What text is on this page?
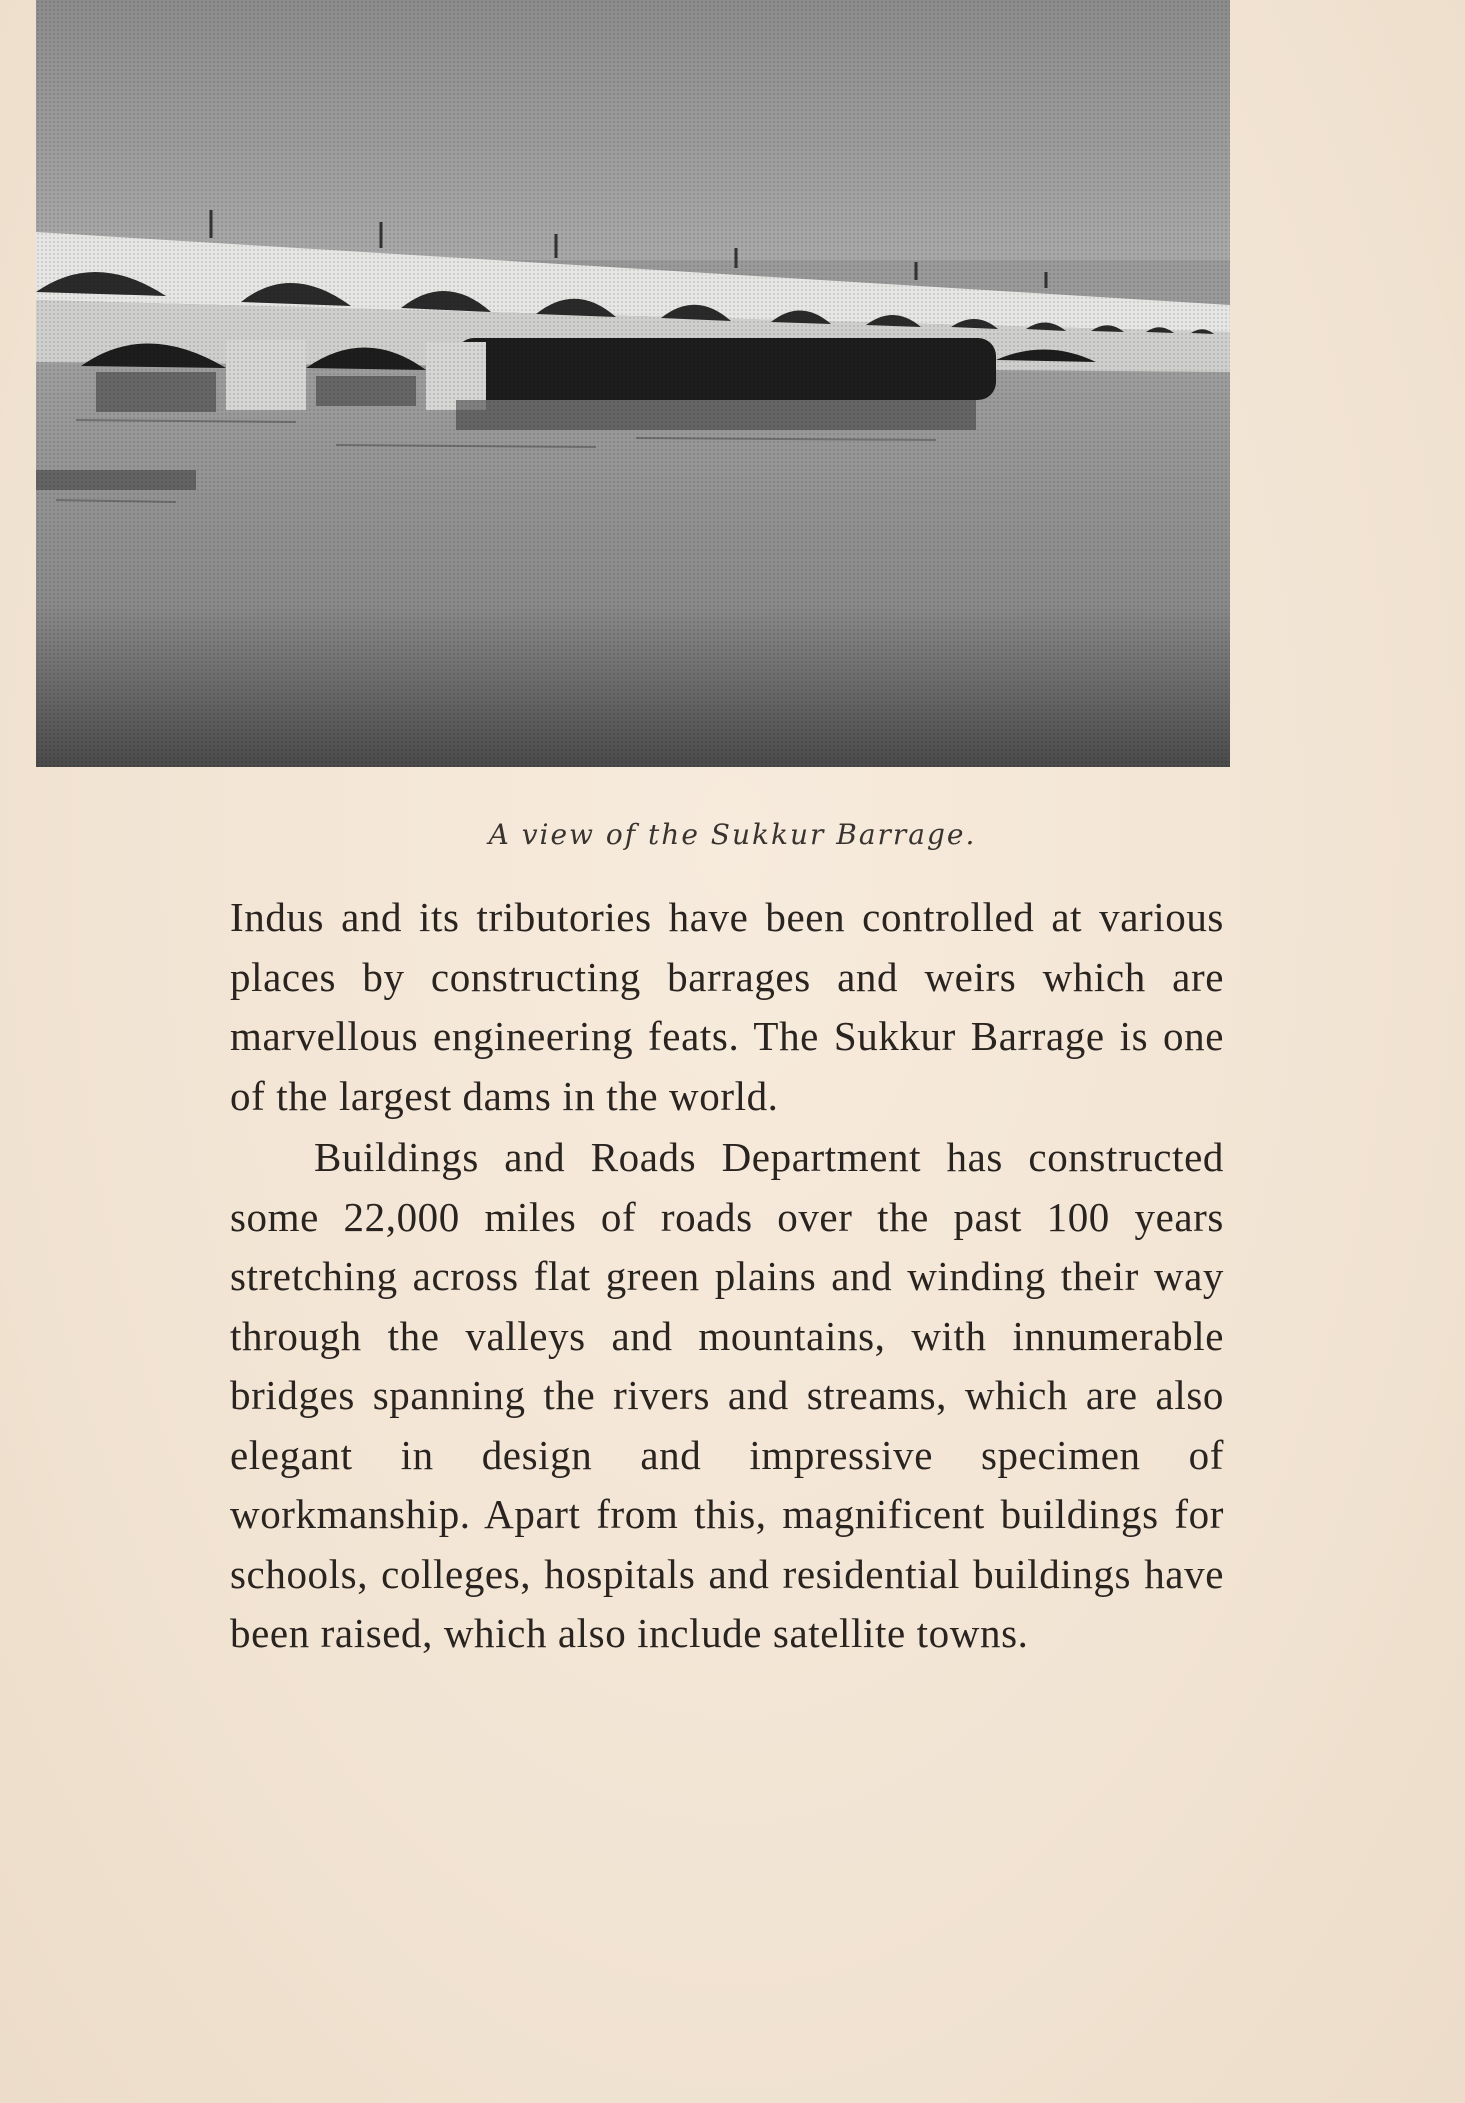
A view of the Sukkur Barrage.

Indus and its tributories have been controlled at various places by constructing barrages and weirs which are marvellous engineering feats. The Sukkur Barrage is one of the largest dams in the world.

Buildings and Roads Department has constructed some 22,000 miles of roads over the past 100 years stretching across flat green plains and winding their way through the valleys and mountains, with innumerable bridges spanning the rivers and streams, which are also elegant in design and impressive specimen of workmanship. Apart from this, magnificent buildings for schools, colleges, hospitals and residential buildings have been raised, which also include satellite towns.
